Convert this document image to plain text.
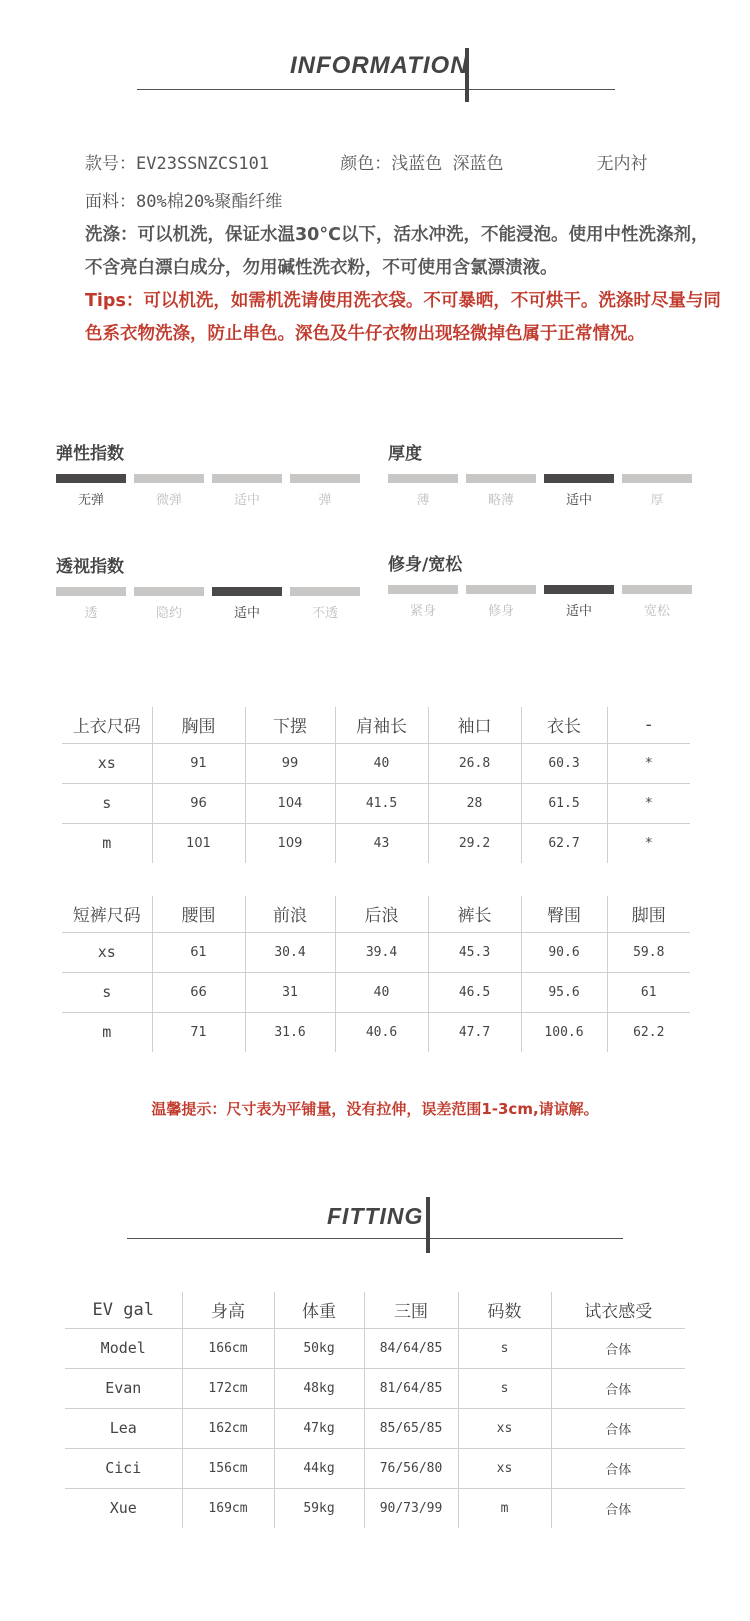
INFORMATION
款号：EV23SSNZCS101	颜色：浅蓝色 深蓝色	无内衬
面料：80%棉20%聚酯纤维
洗涤：可以机洗，保证水温30°C以下，活水冲洗，不能浸泡。使用中性洗涤剂，不含亮白漂白成分，勿用碱性洗衣粉，不可使用含氯漂渍液。
Tips：可以机洗，如需机洗请使用洗衣袋。不可暴晒，不可烘干。洗涤时尽量与同色系衣物洗涤，防止串色。深色及牛仔衣物出现轻微掉色属于正常情况。
弹性指数
无弹	微弹	适中	弹
厚度
薄	略薄	适中	厚
透视指数
透	隐约	适中	不透
修身/宽松
紧身	修身	适中	宽松
上衣尺码	胸围	下摆	肩袖长	袖口	衣长	-
xs	91	99	40	26.8	60.3	*
s	96	104	41.5	28	61.5	*
m	101	109	43	29.2	62.7	*
短裤尺码	腰围	前浪	后浪	裤长	臀围	脚围
xs	61	30.4	39.4	45.3	90.6	59.8
s	66	31	40	46.5	95.6	61
m	71	31.6	40.6	47.7	100.6	62.2
温馨提示：尺寸表为平铺量，没有拉伸，误差范围1-3cm,请谅解。
FITTING
EV gal	身高	体重	三围	码数	试衣感受
Model	166cm	50kg	84/64/85	s	合体
Evan	172cm	48kg	81/64/85	s	合体
Lea	162cm	47kg	85/65/85	xs	合体
Cici	156cm	44kg	76/56/80	xs	合体
Xue	169cm	59kg	90/73/99	m	合体
